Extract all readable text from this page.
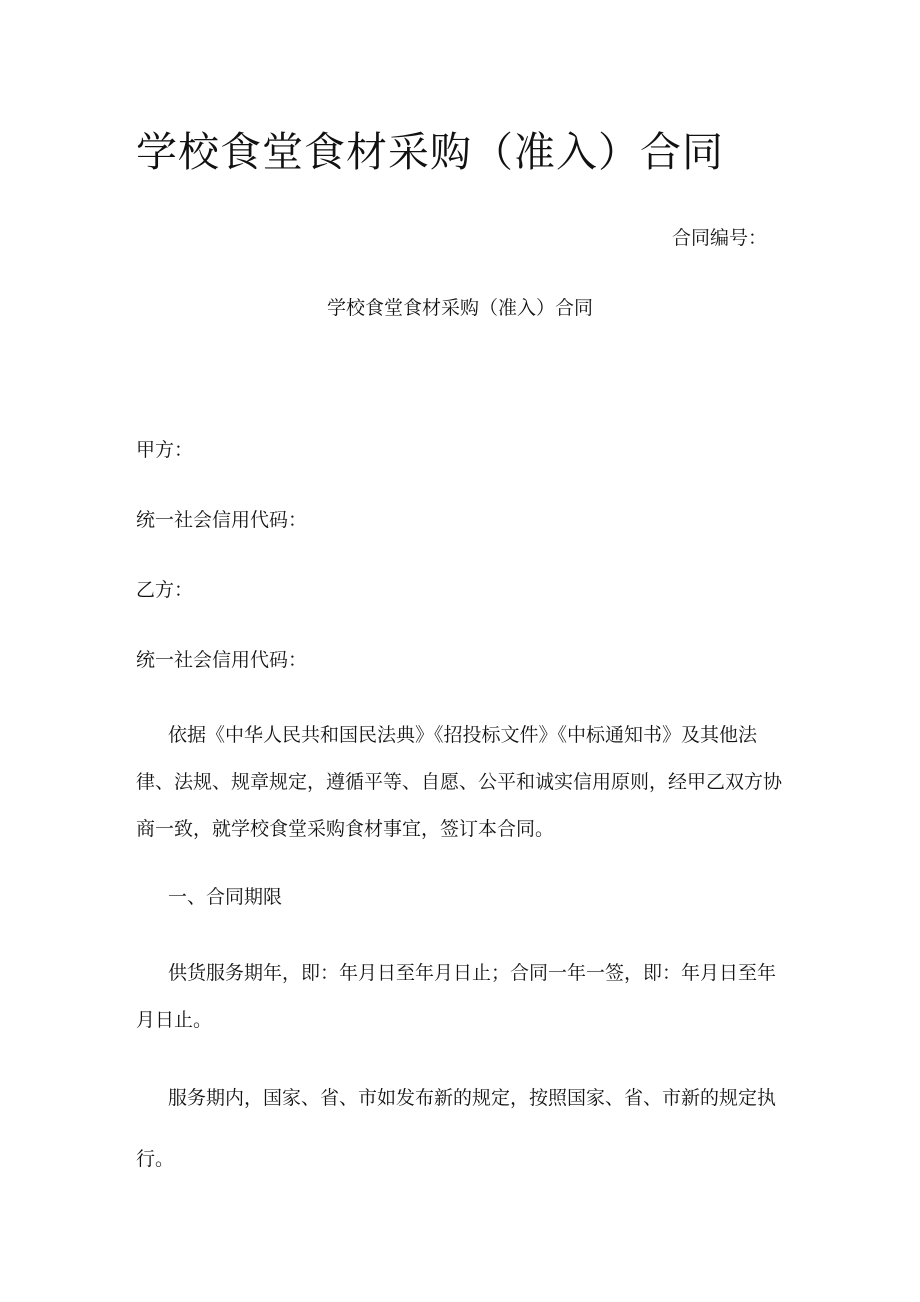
学校食堂食材采购（准入）合同
合同编号：
学校食堂食材采购（准入）合同
甲方：
统一社会信用代码：
乙方：
统一社会信用代码：

依据《中华人民共和国民法典》《招投标文件》《中标通知书》及其他法律、法规、规章规定，遵循平等、自愿、公平和诚实信用原则，经甲乙双方协商一致，就学校食堂采购食材事宜，签订本合同。

一、合同期限

供货服务期年，即：年月日至年月日止；合同一年一签，即：年月日至年月日止。

服务期内，国家、省、市如发布新的规定，按照国家、省、市新的规定执行。
